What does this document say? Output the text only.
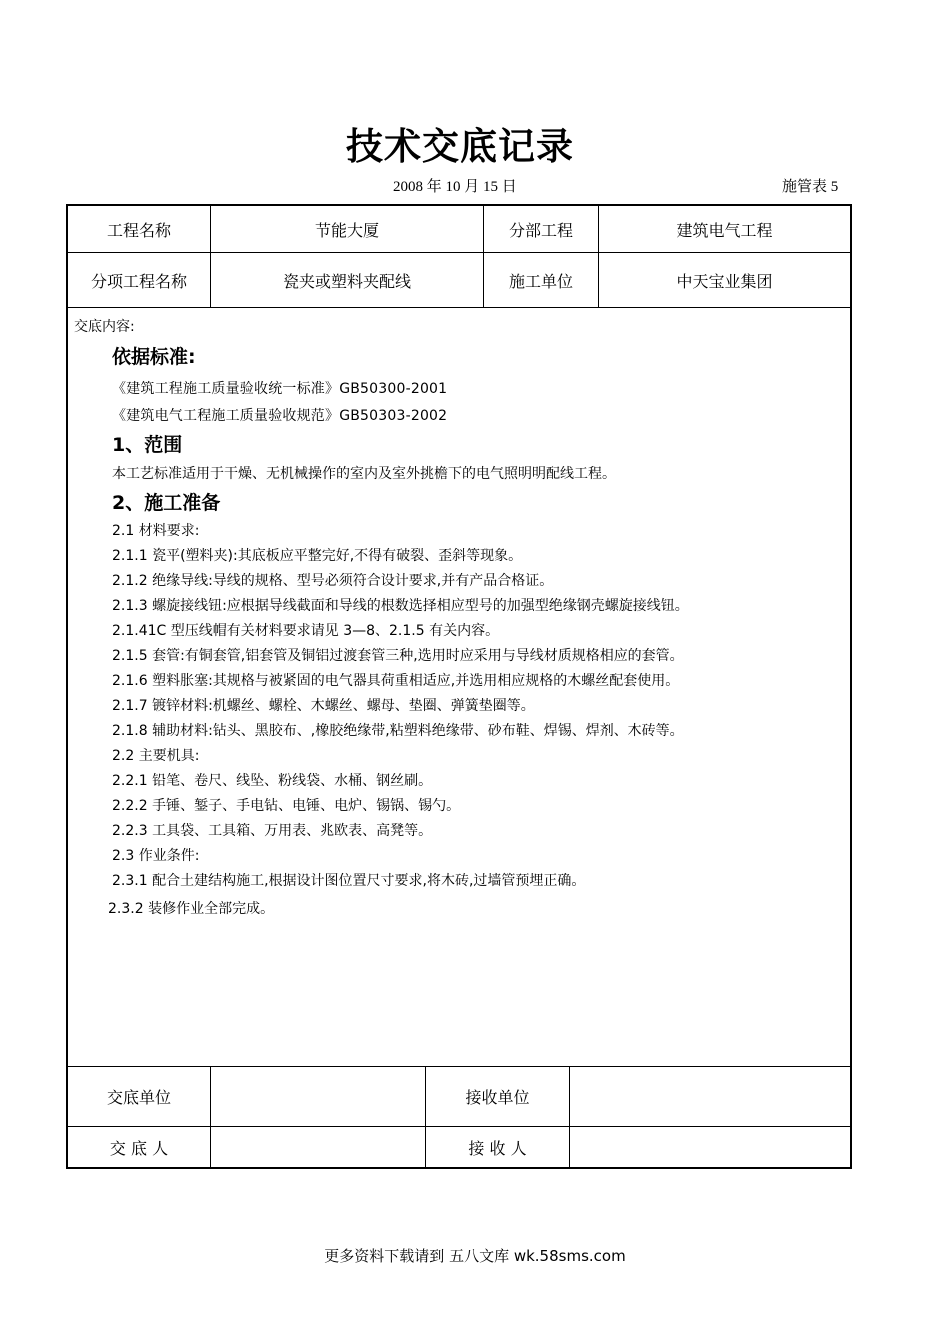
技术交底记录
2008 年 10 月 15 日	施管表 5
工程名称	节能大厦	分部工程	建筑电气工程
分项工程名称	瓷夹或塑料夹配线	施工单位	中天宝业集团
交底内容:
依据标准:
《建筑工程施工质量验收统一标准》GB50300-2001
《建筑电气工程施工质量验收规范》GB50303-2002
1、范围
本工艺标准适用于干燥、无机械操作的室内及室外挑檐下的电气照明明配线工程。
2、施工准备
2.1 材料要求:
2.1.1 瓷平(塑料夹):其底板应平整完好,不得有破裂、歪斜等现象。
2.1.2 绝缘导线:导线的规格、型号必须符合设计要求,并有产品合格证。
2.1.3 螺旋接线钮:应根据导线截面和导线的根数选择相应型号的加强型绝缘钢壳螺旋接线钮。
2.1.41C 型压线帽有关材料要求请见 3—8、2.1.5 有关内容。
2.1.5 套管:有铜套管,铝套管及铜铝过渡套管三种,选用时应采用与导线材质规格相应的套管。
2.1.6 塑料胀塞:其规格与被紧固的电气器具荷重相适应,并选用相应规格的木螺丝配套使用。
2.1.7 镀锌材料:机螺丝、螺栓、木螺丝、螺母、垫圈、弹簧垫圈等。
2.1.8 辅助材料:钻头、黑胶布、,橡胶绝缘带,粘塑料绝缘带、砂布鞋、焊锡、焊剂、木砖等。
2.2 主要机具:
2.2.1 铅笔、卷尺、线坠、粉线袋、水桶、钢丝刷。
2.2.2 手锤、錾子、手电钻、电锤、电炉、锡锅、锡勺。
2.2.3 工具袋、工具箱、万用表、兆欧表、高凳等。
2.3 作业条件:
2.3.1 配合土建结构施工,根据设计图位置尺寸要求,将木砖,过墙管预埋正确。
2.3.2 装修作业全部完成。
交底单位	接收单位
交 底 人	接 收 人
更多资料下载请到 五八文库 wk.58sms.com
